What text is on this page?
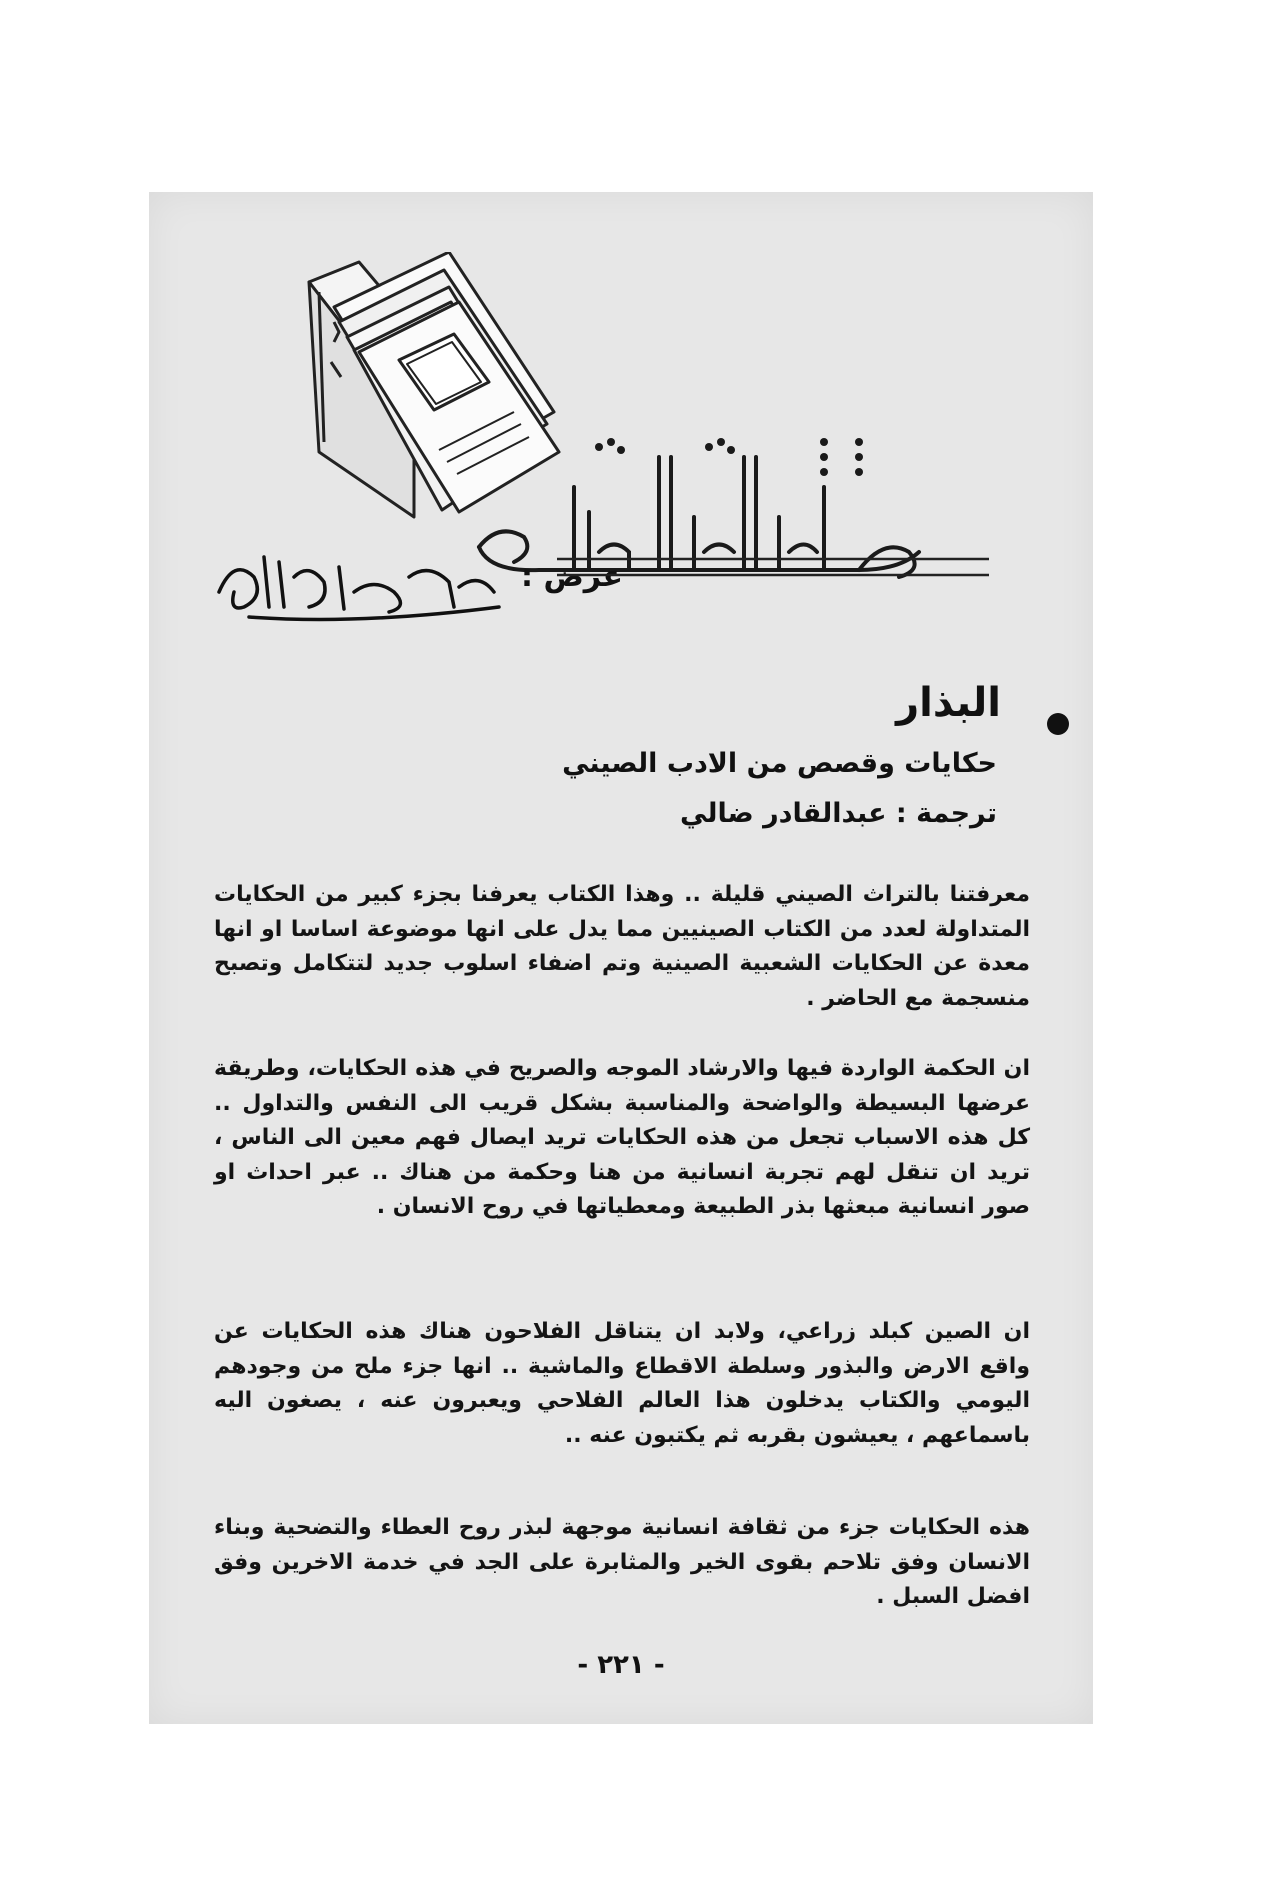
عرض :
البذار
حكايات وقصص من الادب الصيني
ترجمة : عبدالقادر ضالي

معرفتنا بالتراث الصيني قليلة .. وهذا الكتاب يعرفنا بجزء كبير من الحكايات المتداولة لعدد من الكتاب الصينيين مما يدل على انها موضوعة اساسا او انها معدة عن الحكايات الشعبية الصينية وتم اضفاء اسلوب جديد لتتكامل وتصبح منسجمة مع الحاضر .

ان الحكمة الواردة فيها والارشاد الموجه والصريح في هذه الحكايات، وطريقة عرضها البسيطة والواضحة والمناسبة بشكل قريب الى النفس والتداول .. كل هذه الاسباب تجعل من هذه الحكايات تريد ايصال فهم معين الى الناس ، تريد ان تنقل لهم تجربة انسانية من هنا وحكمة من هناك .. عبر احداث او صور انسانية مبعثها بذر الطبيعة ومعطياتها في روح الانسان .

ان الصين كبلد زراعي، ولابد ان يتناقل الفلاحون هناك هذه الحكايات عن واقع الارض والبذور وسلطة الاقطاع والماشية .. انها جزء ملح من وجودهم اليومي والكتاب يدخلون هذا العالم الفلاحي ويعبرون عنه ، يصغون اليه باسماعهم ، يعيشون بقربه ثم يكتبون عنه ..

هذه الحكايات جزء من ثقافة انسانية موجهة لبذر روح العطاء والتضحية وبناء الانسان وفق تلاحم بقوى الخير والمثابرة على الجد في خدمة الاخرين وفق افضل السبل .

- ٢٢١ -
